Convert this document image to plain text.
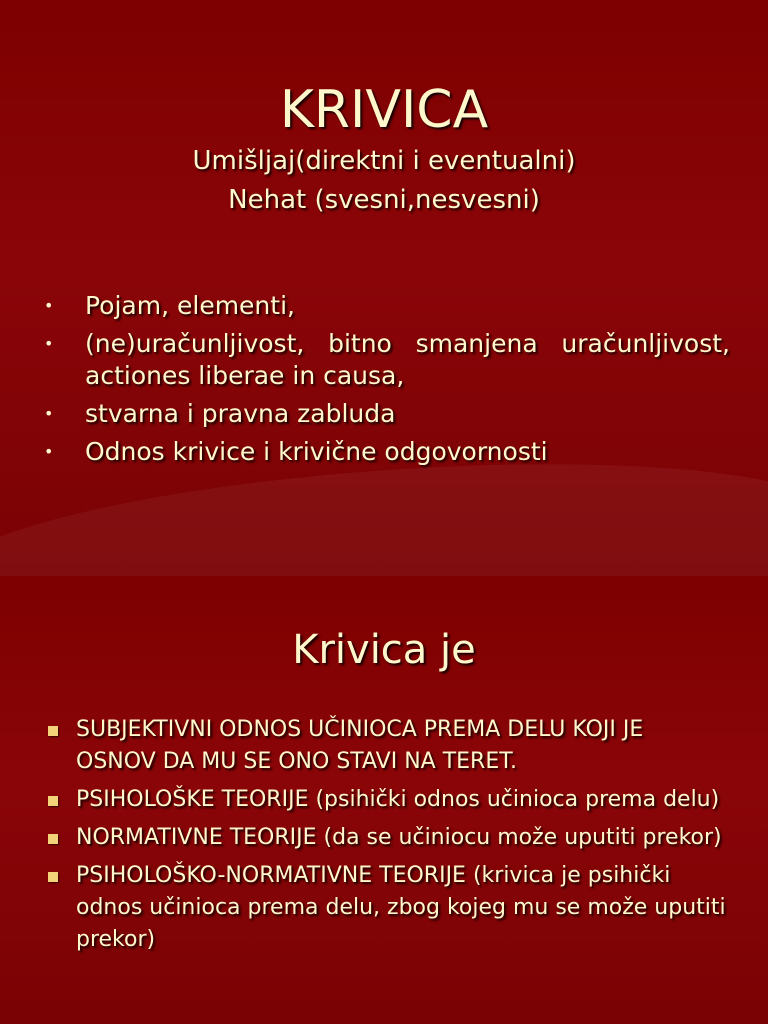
KRIVICA
Umišljaj(direktni i eventualni)
Nehat (svesni,nesvesni)
• Pojam, elementi,
• (ne)uračunljivost, bitno smanjena uračunljivost, actiones liberae in causa,
• stvarna i pravna zabluda
• Odnos krivice i krivične odgovornosti
Krivica je
SUBJEKTIVNI ODNOS UČINIOCA PREMA DELU KOJI JE OSNOV DA MU SE ONO STAVI NA TERET.
PSIHOLOŠKE TEORIJE (psihički odnos učinioca prema delu)
NORMATIVNE TEORIJE (da se učiniocu može uputiti prekor)
PSIHOLOŠKO-NORMATIVNE TEORIJE (krivica je psihički odnos učinioca prema delu, zbog kojeg mu se može uputiti prekor)
